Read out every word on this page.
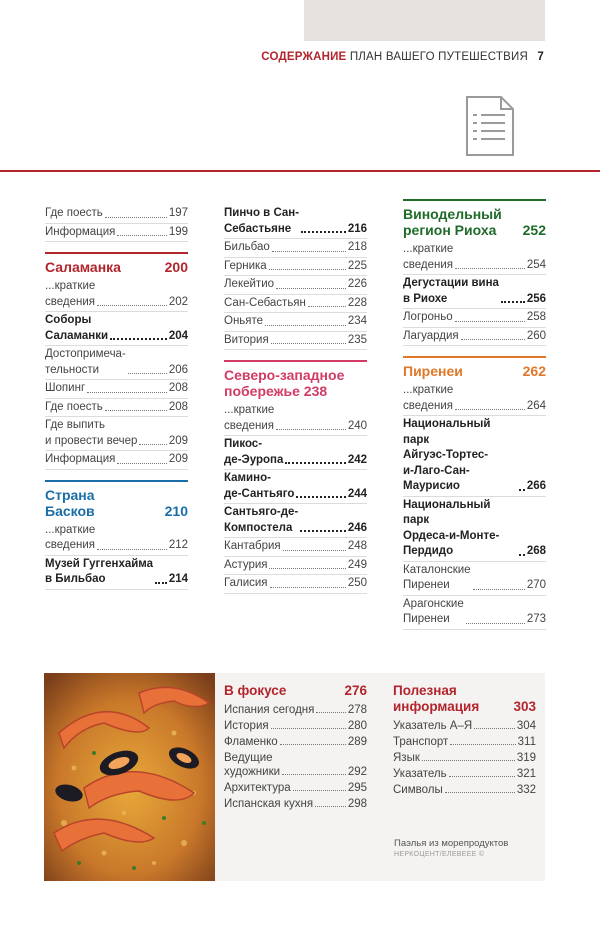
СОДЕРЖАНИЕ ПЛАН ВАШЕГО ПУТЕШЕСТВИЯ 7
Где поесть	197
Информация	199
Саламанка	200
...краткие
сведения	202
Соборы
Саламанки	204
Достопримеча-
тельности	206
Шопинг	208
Где поесть	208
Где выпить
и провести вечер	209
Информация	209
Страна
Басков	210
...краткие
сведения	212
Музей Гуггенхайма
в Бильбао	214
Пинчо в Сан-
Себастьяне	216
Бильбао	218
Герника	225
Лекейтио	226
Сан-Себастьян	228
Оньяте	234
Витория	235
Северо-западное
побережье 238
...краткие
сведения	240
Пикос-
де-Эуропа	242
Камино-
де-Сантьяго	244
Сантьяго-де-
Компостела	246
Кантабрия	248
Астурия	249
Галисия	250
Винодельный
регион Риоха	252
...краткие
сведения	254
Дегустации вина
в Риохе	256
Логроньо	258
Лагуардия	260
Пиренеи	262
...краткие
сведения	264
Национальный парк
Айгуэс-Тортес-
и-Лаго-Сан-
Маурисио	266
Национальный парк
Ордеса-и-Монте-
Пердидо	268
Каталонские
Пиренеи	270
Арагонские
Пиренеи	273
В фокусе	276
Испания сегодня	278
История	280
Фламенко	289
Ведущие
художники	292
Архитектура	295
Испанская кухня	298
Полезная
информация	303
Указатель А–Я	304
Транспорт	311
Язык	319
Указатель	321
Символы	332
Паэлья из морепродуктов
НЕРКОЦЕНТ/ЕЛЕВЕЕЕ ©
